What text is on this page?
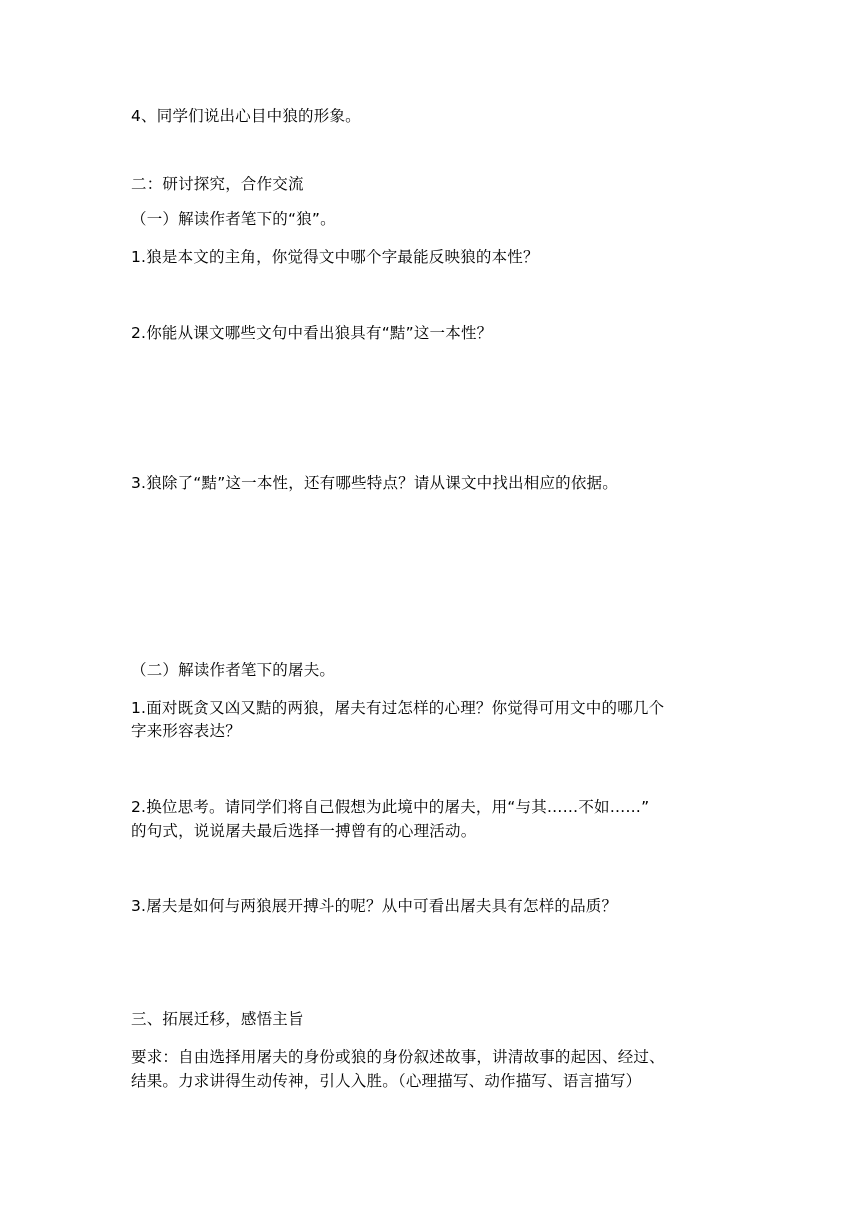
4、同学们说出心目中狼的形象。
二：研讨探究，合作交流
（一）解读作者笔下的“狼”。
1.狼是本文的主角，你觉得文中哪个字最能反映狼的本性？
2.你能从课文哪些文句中看出狼具有“黠”这一本性？
3.狼除了“黠”这一本性，还有哪些特点？请从课文中找出相应的依据。
（二）解读作者笔下的屠夫。
1.面对既贪又凶又黠的两狼，屠夫有过怎样的心理？你觉得可用文中的哪几个
字来形容表达？
2.换位思考。请同学们将自己假想为此境中的屠夫，用“与其……不如……”
的句式，说说屠夫最后选择一搏曾有的心理活动。
3.屠夫是如何与两狼展开搏斗的呢？从中可看出屠夫具有怎样的品质？
三、拓展迁移，感悟主旨
要求：自由选择用屠夫的身份或狼的身份叙述故事，讲清故事的起因、经过、
结果。力求讲得生动传神，引人入胜。（心理描写、动作描写、语言描写）
